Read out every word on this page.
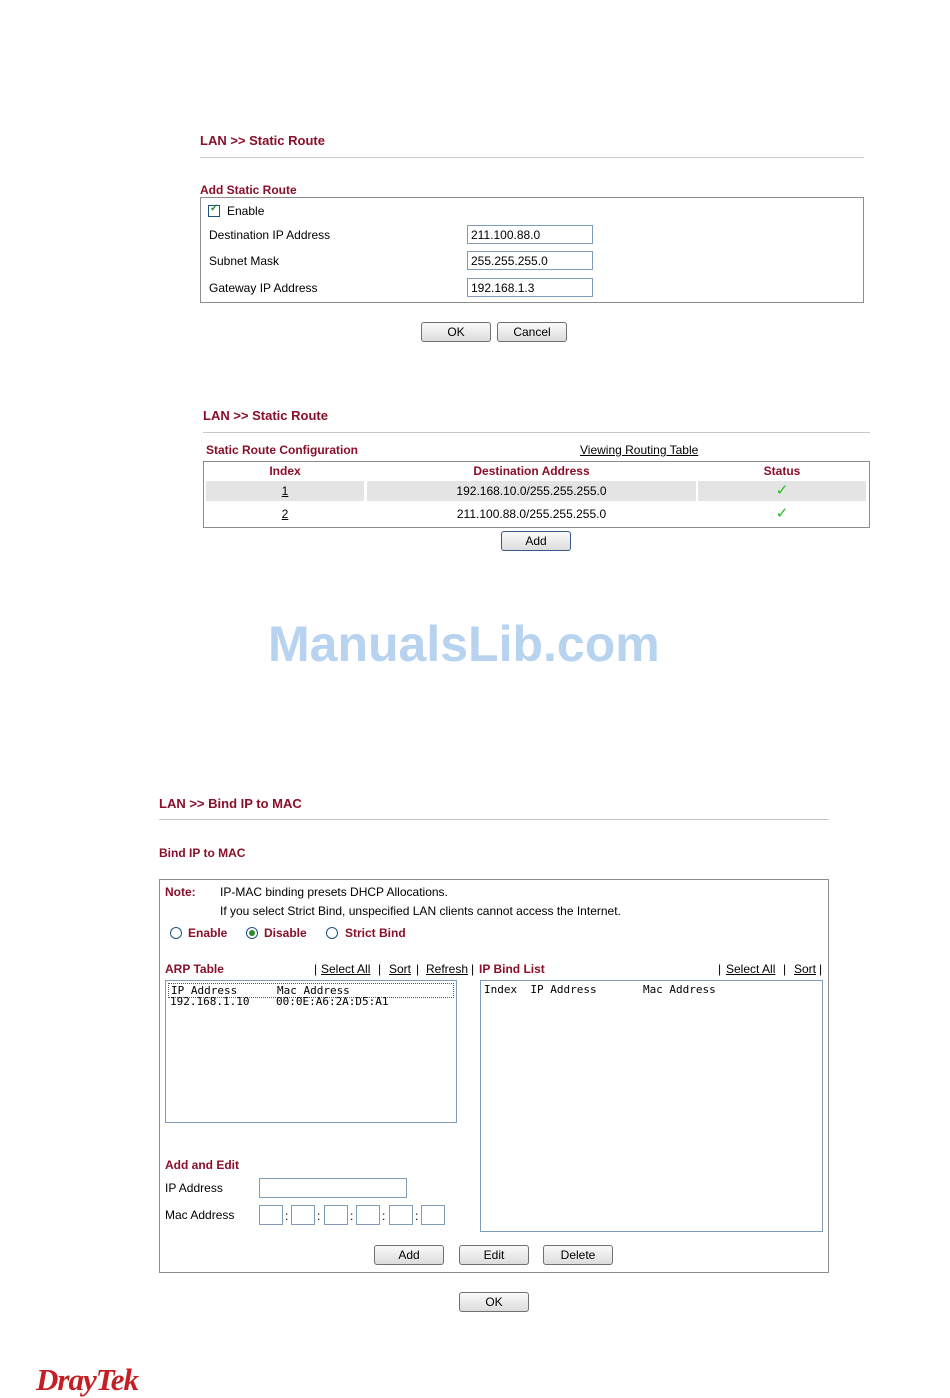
LAN >> Static Route
Add Static Route
✓ Enable
Destination IP Address	211.100.88.0
Subnet Mask	255.255.255.0
Gateway IP Address	192.168.1.3
OK	Cancel
LAN >> Static Route
Static Route Configuration	Viewing Routing Table
Index	Destination Address	Status
1	192.168.10.0/255.255.255.0	✓
2	211.100.88.0/255.255.255.0	✓
Add
ManualsLib.com
LAN >> Bind IP to MAC
Bind IP to MAC
Note: IP-MAC binding presets DHCP Allocations.
If you select Strict Bind, unspecified LAN clients cannot access the Internet.
Enable	Disable	Strict Bind
ARP Table	| Select All | Sort | Refresh | IP Bind List	| Select All | Sort |
IP Address      Mac Address
192.168.1.10    00:0E:A6:2A:D5:A1
Index  IP Address       Mac Address
Add and Edit
IP Address
Mac Address	: : : : :
Add	Edit	Delete
OK
DrayTek
